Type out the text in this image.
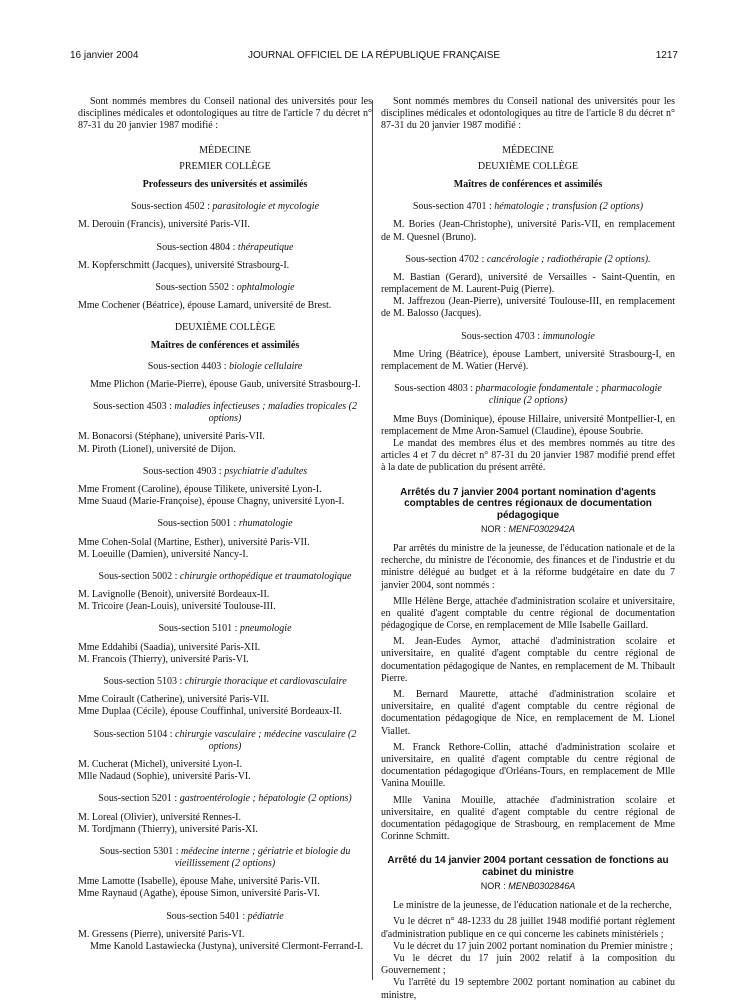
16 janvier 2004	JOURNAL OFFICIEL DE LA RÉPUBLIQUE FRANÇAISE	1217

Sont nommés membres du Conseil national des universités pour les disciplines médicales et odontologiques au titre de l'article 7 du décret n° 87-31 du 20 janvier 1987 modifié :

MÉDECINE
PREMIER COLLÈGE
Professeurs des universités et assimilés
Sous-section 4502 : parasitologie et mycologie

M. Derouin (Francis), université Paris-VII.

Sous-section 4804 : thérapeutique

M. Kopferschmitt (Jacques), université Strasbourg-I.

Sous-section 5502 : ophtalmologie

Mme Cochener (Béatrice), épouse Lamard, université de Brest.

DEUXIÈME COLLÈGE
Maîtres de conférences et assimilés
Sous-section 4403 : biologie cellulaire

Mme Plichon (Marie-Pierre), épouse Gaub, université Strasbourg-I.

Sous-section 4503 : maladies infectieuses ; maladies tropicales (2 options)

M. Bonacorsi (Stéphane), université Paris-VII.

M. Piroth (Lionel), université de Dijon.

Sous-section 4903 : psychiatrie d'adultes

Mme Froment (Caroline), épouse Tilikete, université Lyon-I.

Mme Suaud (Marie-Françoise), épouse Chagny, université Lyon-I.

Sous-section 5001 : rhumatologie

Mme Cohen-Solal (Martine, Esther), université Paris-VII.

M. Loeuille (Damien), université Nancy-I.

Sous-section 5002 : chirurgie orthopédique et traumatologique

M. Lavignolle (Benoit), université Bordeaux-II.

M. Tricoire (Jean-Louis), université Toulouse-III.

Sous-section 5101 : pneumologie

Mme Eddahibi (Saadia), université Paris-XII.

M. Francois (Thierry), université Paris-VI.

Sous-section 5103 : chirurgie thoracique et cardiovasculaire

Mme Coirault (Catherine), université Paris-VII.

Mme Duplaa (Cécile), épouse Couffinhal, université Bordeaux-II.

Sous-section 5104 : chirurgie vasculaire ; médecine vasculaire (2 options)

M. Cucherat (Michel), université Lyon-I.

Mlle Nadaud (Sophie), université Paris-VI.

Sous-section 5201 : gastroentérologie ; hépatologie (2 options)

M. Loreal (Olivier), université Rennes-I.

M. Tordjmann (Thierry), université Paris-XI.

Sous-section 5301 : médecine interne ; gériatrie et biologie du vieillissement (2 options)

Mme Lamotte (Isabelle), épouse Mahe, université Paris-VII.

Mme Raynaud (Agathe), épouse Simon, université Paris-VI.

Sous-section 5401 : pédiatrie

M. Gressens (Pierre), université Paris-VI.

Mme Kanold Lastawiecka (Justyna), université Clermont-Ferrand-I.

Sont nommés membres du Conseil national des universités pour les disciplines médicales et odontologiques au titre de l'article 8 du décret n° 87-31 du 20 janvier 1987 modifié :

MÉDECINE
DEUXIÈME COLLÈGE
Maîtres de conférences et assimilés
Sous-section 4701 : hématologie ; transfusion (2 options)

M. Bories (Jean-Christophe), université Paris-VII, en remplacement de M. Quesnel (Bruno).

Sous-section 4702 : cancérologie ; radiothérapie (2 options).

M. Bastian (Gerard), université de Versailles - Saint-Quentin, en remplacement de M. Laurent-Puig (Pierre).

M. Jaffrezou (Jean-Pierre), université Toulouse-III, en remplacement de M. Balosso (Jacques).

Sous-section 4703 : immunologie

Mme Uring (Béatrice), épouse Lambert, université Strasbourg-I, en remplacement de M. Watier (Hervé).

Sous-section 4803 : pharmacologie fondamentale ; pharmacologie clinique (2 options)

Mme Buys (Dominique), épouse Hillaire, université Montpellier-I, en remplacement de Mme Aron-Samuel (Claudine), épouse Soubrie.

Le mandat des membres élus et des membres nommés au titre des articles 4 et 7 du décret n° 87-31 du 20 janvier 1987 modifié prend effet à la date de publication du présent arrêté.

Arrêtés du 7 janvier 2004 portant nomination d'agents comptables de centres régionaux de documentation pédagogique
NOR : MENF0302942A

Par arrêtés du ministre de la jeunesse, de l'éducation nationale et de la recherche, du ministre de l'économie, des finances et de l'industrie et du ministre délégué au budget et à la réforme budgétaire en date du 7 janvier 2004, sont nommés :

Mlle Hélène Berge, attachée d'administration scolaire et universitaire, en qualité d'agent comptable du centre régional de documentation pédagogique de Corse, en remplacement de Mlle Isabelle Gaillard.

M. Jean-Eudes Aymor, attaché d'administration scolaire et universitaire, en qualité d'agent comptable du centre régional de documentation pédagogique de Nantes, en remplacement de M. Thibault Pierre.

M. Bernard Maurette, attaché d'administration scolaire et universitaire, en qualité d'agent comptable du centre régional de documentation pédagogique de Nice, en remplacement de M. Lionel Viallet.

M. Franck Rethore-Collin, attaché d'administration scolaire et universitaire, en qualité d'agent comptable du centre régional de documentation pédagogique d'Orléans-Tours, en remplacement de Mlle Vanina Mouille.

Mlle Vanina Mouille, attachée d'administration scolaire et universitaire, en qualité d'agent comptable du centre régional de documentation pédagogique de Strasbourg, en remplacement de Mme Corinne Schmitt.

Arrêté du 14 janvier 2004 portant cessation de fonctions au cabinet du ministre
NOR : MENB0302846A

Le ministre de la jeunesse, de l'éducation nationale et de la recherche,

Vu le décret n° 48-1233 du 28 juillet 1948 modifié portant règlement d'administration publique en ce qui concerne les cabinets ministériels ;

Vu le décret du 17 juin 2002 portant nomination du Premier ministre ;

Vu le décret du 17 juin 2002 relatif à la composition du Gouvernement ;

Vu l'arrêté du 19 septembre 2002 portant nomination au cabinet du ministre,
